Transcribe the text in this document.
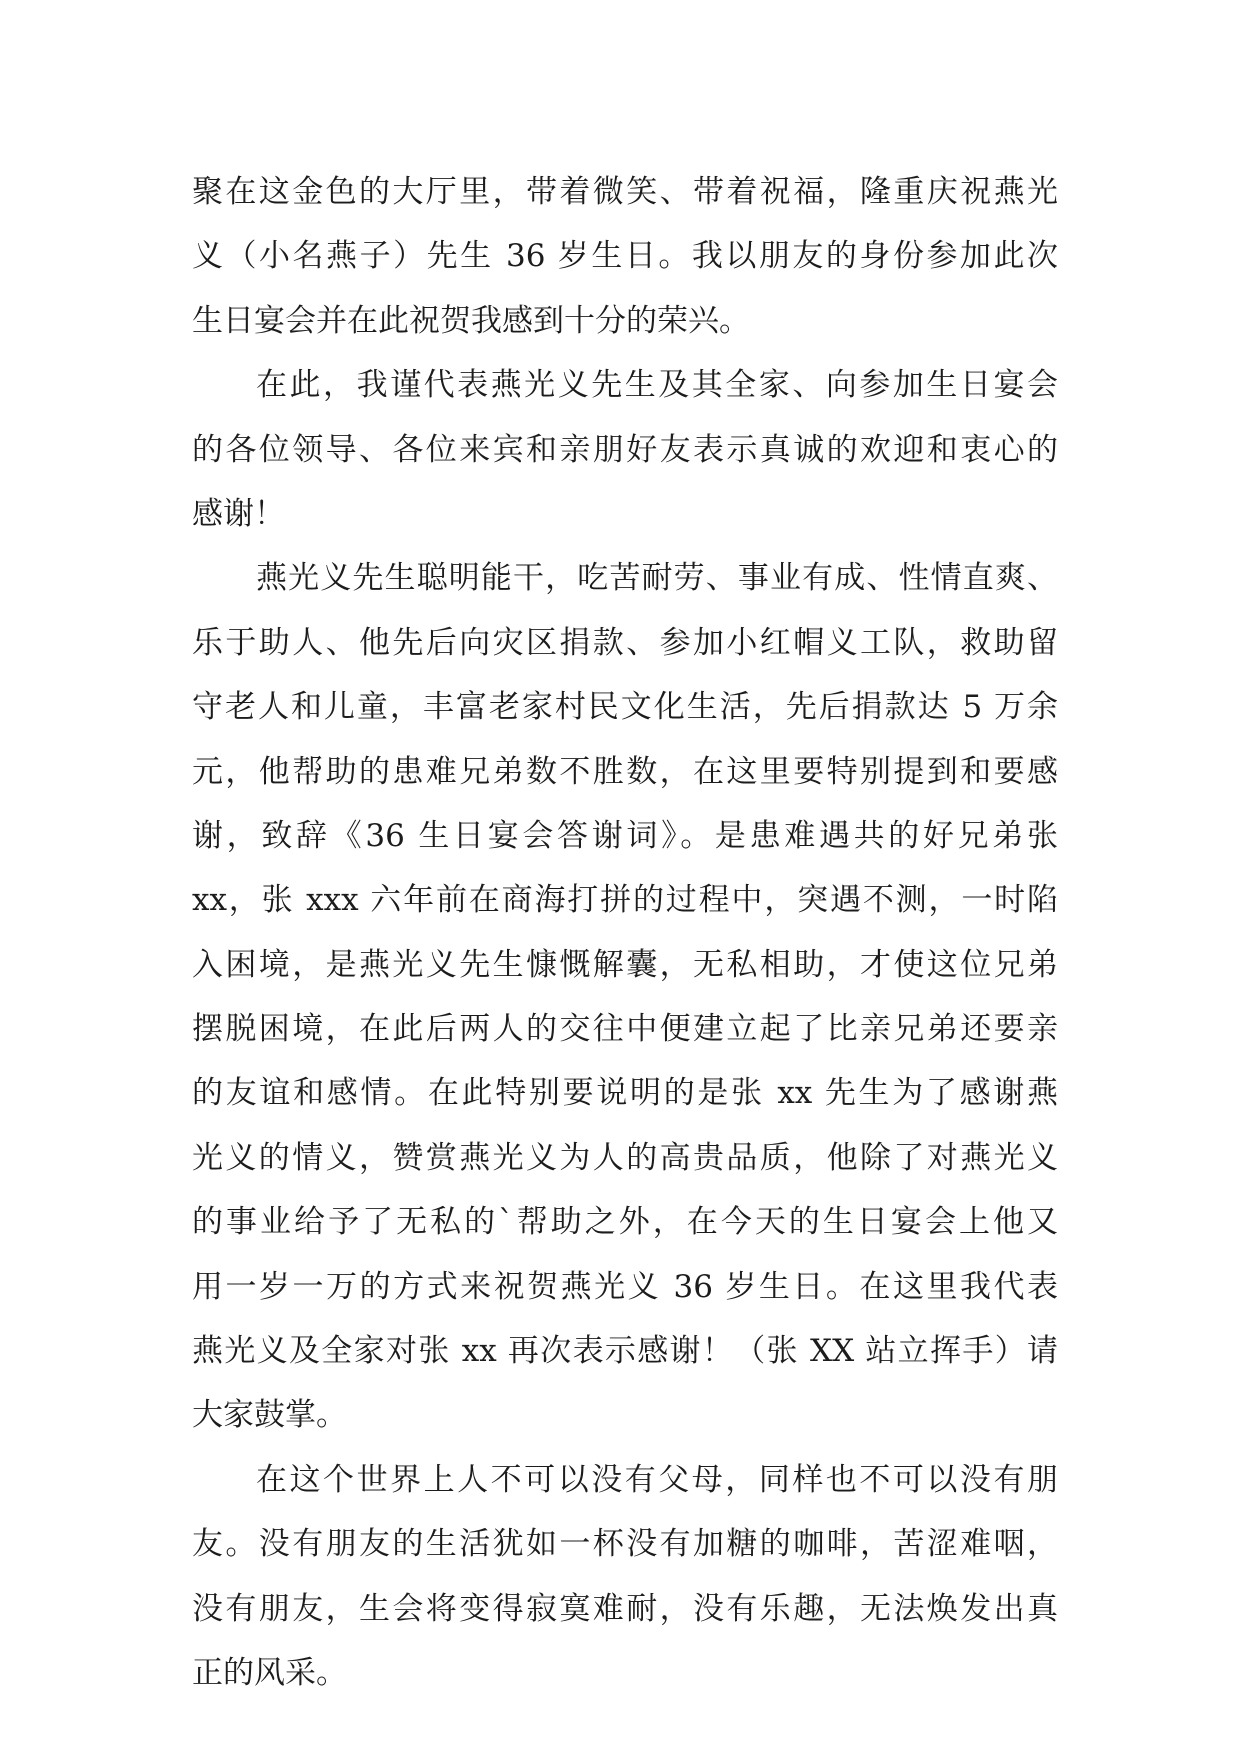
聚在这金色的大厅里，带着微笑、带着祝福，隆重庆祝燕光
义（小名燕子）先生 36 岁生日。我以朋友的身份参加此次
生日宴会并在此祝贺我感到十分的荣兴。
在此，我谨代表燕光义先生及其全家、向参加生日宴会
的各位领导、各位来宾和亲朋好友表示真诚的欢迎和衷心的
感谢！
燕光义先生聪明能干，吃苦耐劳、事业有成、性情直爽、
乐于助人、他先后向灾区捐款、参加小红帽义工队，救助留
守老人和儿童，丰富老家村民文化生活，先后捐款达 5 万余
元，他帮助的患难兄弟数不胜数，在这里要特别提到和要感
谢，致辞《36 生日宴会答谢词》。是患难遇共的好兄弟张
xx，张 xxx 六年前在商海打拼的过程中，突遇不测，一时陷
入困境，是燕光义先生慷慨解囊，无私相助，才使这位兄弟
摆脱困境，在此后两人的交往中便建立起了比亲兄弟还要亲
的友谊和感情。在此特别要说明的是张 xx 先生为了感谢燕
光义的情义，赞赏燕光义为人的高贵品质，他除了对燕光义
的事业给予了无私的`帮助之外，在今天的生日宴会上他又
用一岁一万的方式来祝贺燕光义 36 岁生日。在这里我代表
燕光义及全家对张 xx 再次表示感谢！（张 XX 站立挥手）请
大家鼓掌。
在这个世界上人不可以没有父母，同样也不可以没有朋
友。没有朋友的生活犹如一杯没有加糖的咖啡，苦涩难咽，
没有朋友，生会将变得寂寞难耐，没有乐趣，无法焕发出真
正的风采。
